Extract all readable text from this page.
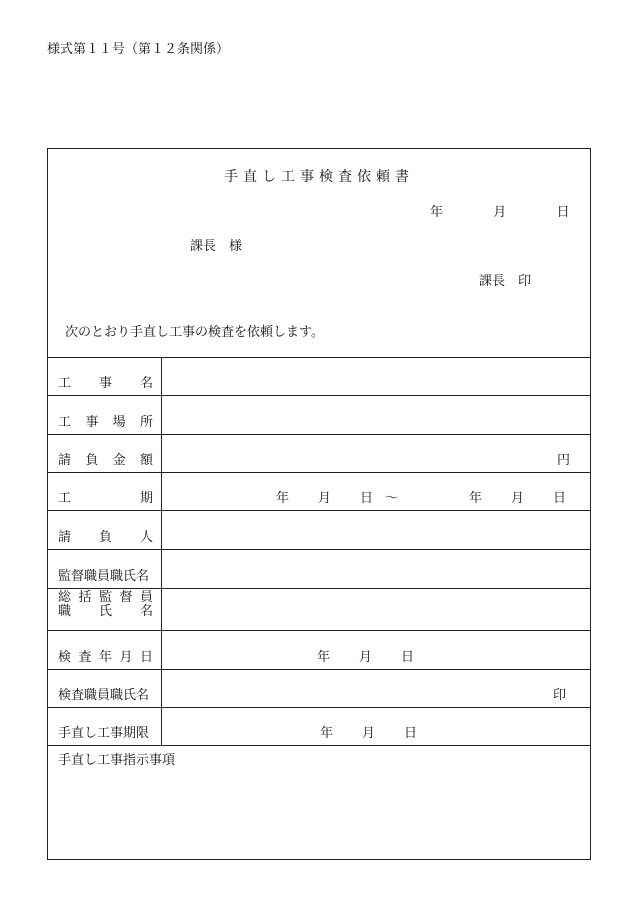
様式第１１号（第１２条関係）
手直し工事検査依頼書
年	月	日
課長　様
課長　印
次のとおり手直し工事の検査を依頼します。
工 事 名
工 事 場 所
請 負 金 額	円
工	期	年 月 日 ～	年 月 日
請 負 人
監督職員職氏名
総 括 監 督 員
職 氏 名
検 査 年 月 日	年 月 日
検査職員職氏名	印
手直し工事期限	年 月 日
手直し工事指示事項
